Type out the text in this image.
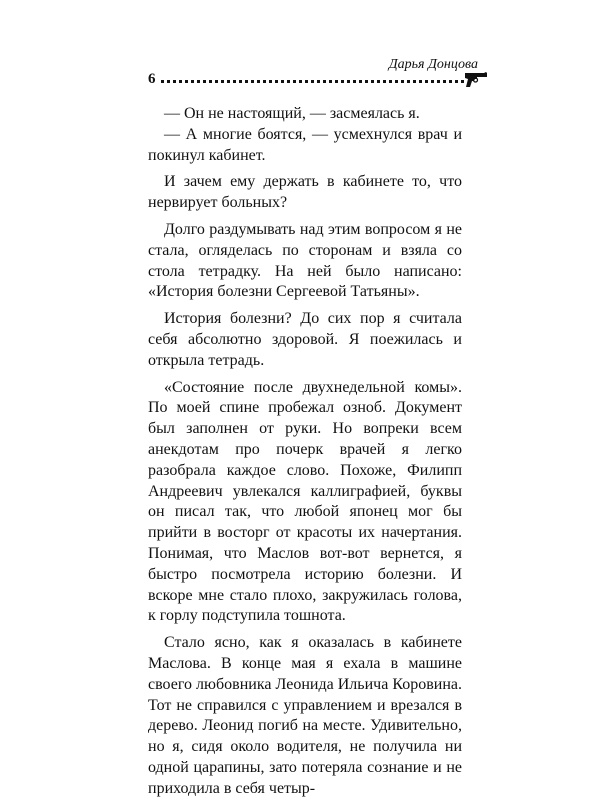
6
Дарья Донцова

— Он не настоящий, — засмеялась я.

— А многие боятся, — усмехнулся врач и покинул кабинет.

И зачем ему держать в кабинете то, что нервирует больных?

Долго раздумывать над этим вопросом я не стала, огляделась по сторонам и взяла со стола тетрадку. На ней было написано: «История болезни Сергеевой Татьяны».

История болезни? До сих пор я считала себя абсолютно здоровой. Я поежилась и открыла тетрадь.

«Состояние после двухнедельной комы». По моей спине пробежал озноб. Документ был заполнен от руки. Но вопреки всем анекдотам про почерк врачей я легко разобрала каждое слово. Похоже, Филипп Андреевич увлекался каллиграфией, буквы он писал так, что любой японец мог бы прийти в восторг от красоты их начертания. Понимая, что Маслов вот-вот вернется, я быстро посмотрела историю болезни. И вскоре мне стало плохо, закружилась голова, к горлу подступила тошнота.

Стало ясно, как я оказалась в кабинете Маслова. В конце мая я ехала в машине своего любовника Леонида Ильича Коровина. Тот не справился с управлением и врезался в дерево. Леонид погиб на месте. Удивительно, но я, сидя около водителя, не получила ни одной царапины, зато потеряла сознание и не приходила в себя четыр-
